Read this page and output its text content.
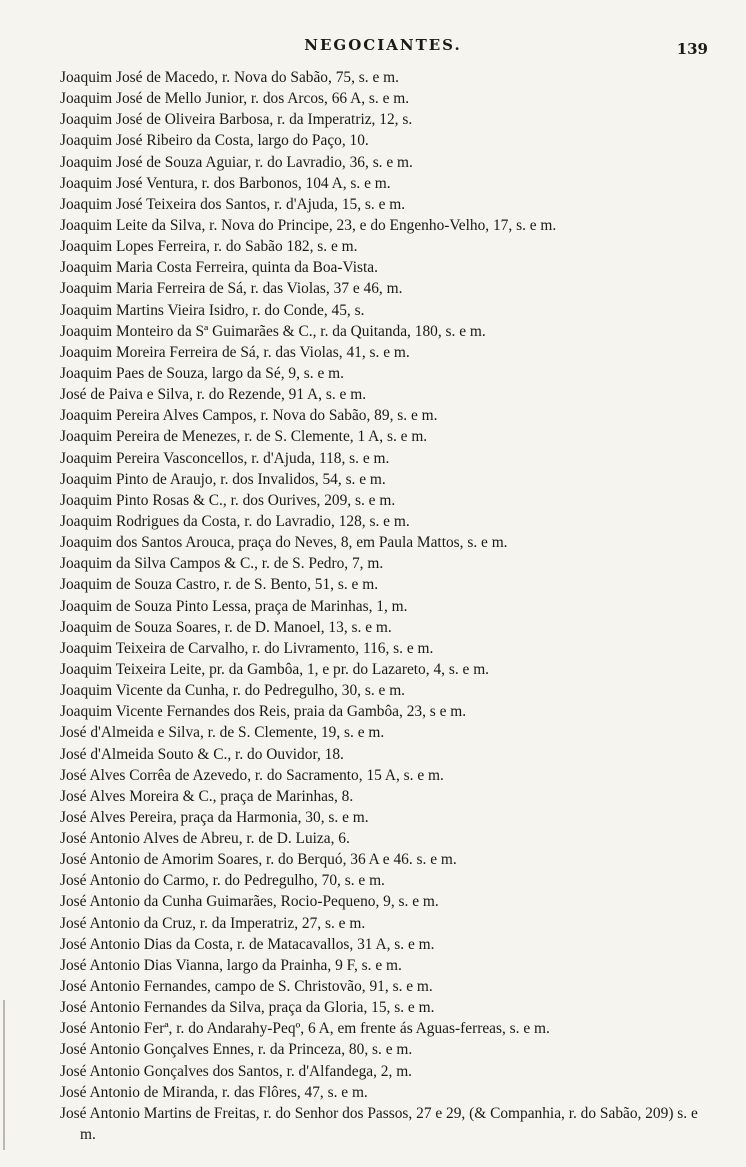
NEGOCIANTES.	139
Joaquim José de Macedo, r. Nova do Sabão, 75, s. e m.
Joaquim José de Mello Junior, r. dos Arcos, 66 A, s. e m.
Joaquim José de Oliveira Barbosa, r. da Imperatriz, 12, s.
Joaquim José Ribeiro da Costa, largo do Paço, 10.
Joaquim José de Souza Aguiar, r. do Lavradio, 36, s. e m.
Joaquim José Ventura, r. dos Barbonos, 104 A, s. e m.
Joaquim José Teixeira dos Santos, r. d'Ajuda, 15, s. e m.
Joaquim Leite da Silva, r. Nova do Principe, 23, e do Engenho-Velho, 17, s. e m.
Joaquim Lopes Ferreira, r. do Sabão 182, s. e m.
Joaquim Maria Costa Ferreira, quinta da Boa-Vista.
Joaquim Maria Ferreira de Sá, r. das Violas, 37 e 46, m.
Joaquim Martins Vieira Isidro, r. do Conde, 45, s.
Joaquim Monteiro da Sª Guimarães & C., r. da Quitanda, 180, s. e m.
Joaquim Moreira Ferreira de Sá, r. das Violas, 41, s. e m.
Joaquim Paes de Souza, largo da Sé, 9, s. e m.
José de Paiva e Silva, r. do Rezende, 91 A, s. e m.
Joaquim Pereira Alves Campos, r. Nova do Sabão, 89, s. e m.
Joaquim Pereira de Menezes, r. de S. Clemente, 1 A, s. e m.
Joaquim Pereira Vasconcellos, r. d'Ajuda, 118, s. e m.
Joaquim Pinto de Araujo, r. dos Invalidos, 54, s. e m.
Joaquim Pinto Rosas & C., r. dos Ourives, 209, s. e m.
Joaquim Rodrigues da Costa, r. do Lavradio, 128, s. e m.
Joaquim dos Santos Arouca, praça do Neves, 8, em Paula Mattos, s. e m.
Joaquim da Silva Campos & C., r. de S. Pedro, 7, m.
Joaquim de Souza Castro, r. de S. Bento, 51, s. e m.
Joaquim de Souza Pinto Lessa, praça de Marinhas, 1, m.
Joaquim de Souza Soares, r. de D. Manoel, 13, s. e m.
Joaquim Teixeira de Carvalho, r. do Livramento, 116, s. e m.
Joaquim Teixeira Leite, pr. da Gambôa, 1, e pr. do Lazareto, 4, s. e m.
Joaquim Vicente da Cunha, r. do Pedregulho, 30, s. e m.
Joaquim Vicente Fernandes dos Reis, praia da Gambôa, 23, s e m.
José d'Almeida e Silva, r. de S. Clemente, 19, s. e m.
José d'Almeida Souto & C., r. do Ouvidor, 18.
José Alves Corrêa de Azevedo, r. do Sacramento, 15 A, s. e m.
José Alves Moreira & C., praça de Marinhas, 8.
José Alves Pereira, praça da Harmonia, 30, s. e m.
José Antonio Alves de Abreu, r. de D. Luiza, 6.
José Antonio de Amorim Soares, r. do Berquó, 36 A e 46. s. e m.
José Antonio do Carmo, r. do Pedregulho, 70, s. e m.
José Antonio da Cunha Guimarães, Rocio-Pequeno, 9, s. e m.
José Antonio da Cruz, r. da Imperatriz, 27, s. e m.
José Antonio Dias da Costa, r. de Matacavallos, 31 A, s. e m.
José Antonio Dias Vianna, largo da Prainha, 9 F, s. e m.
José Antonio Fernandes, campo de S. Christovão, 91, s. e m.
José Antonio Fernandes da Silva, praça da Gloria, 15, s. e m.
José Antonio Ferª, r. do Andarahy-Peqº, 6 A, em frente ás Aguas-ferreas, s. e m.
José Antonio Gonçalves Ennes, r. da Princeza, 80, s. e m.
José Antonio Gonçalves dos Santos, r. d'Alfandega, 2, m.
José Antonio de Miranda, r. das Flôres, 47, s. e m.
José Antonio Martins de Freitas, r. do Senhor dos Passos, 27 e 29, (& Companhia, r. do Sabão, 209) s. e m.
